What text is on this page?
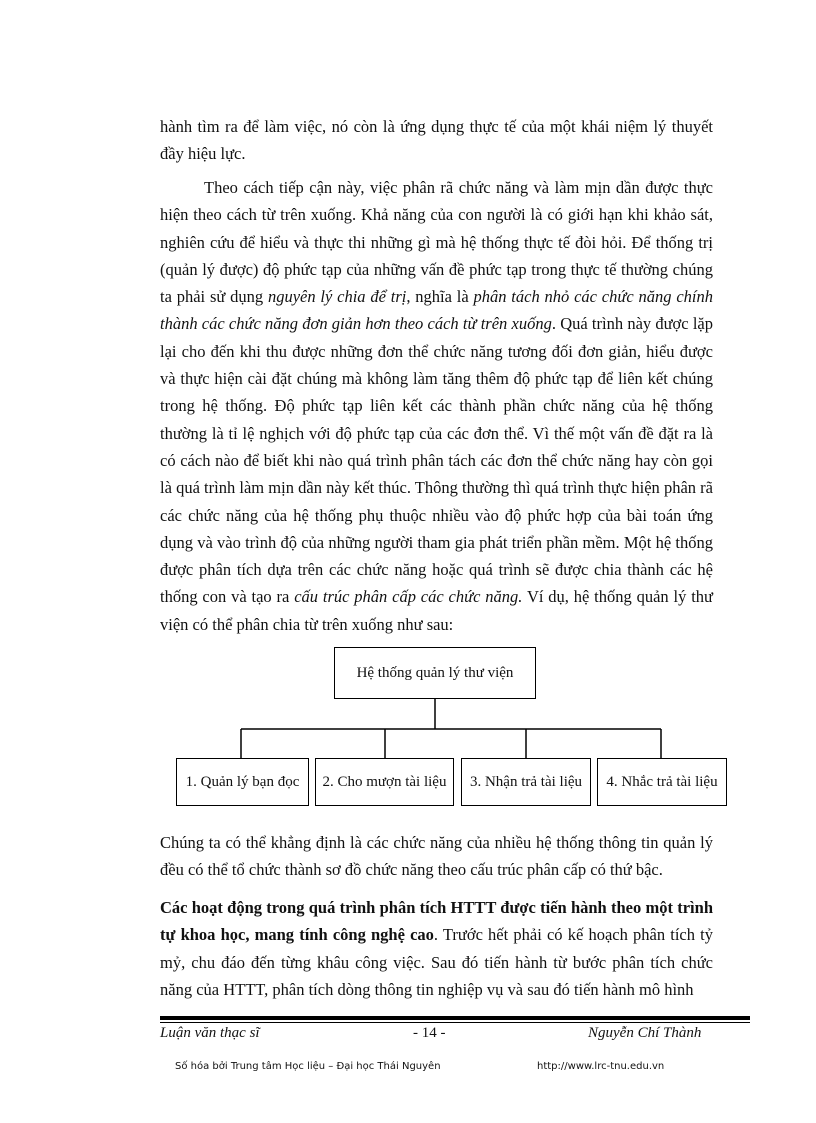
hành tìm ra để làm việc, nó còn là ứng dụng thực tế của một khái niệm lý thuyết đầy hiệu lực.

Theo cách tiếp cận này, việc phân rã chức năng và làm mịn dần được thực hiện theo cách từ trên xuống. Khả năng của con người là có giới hạn khi khảo sát, nghiên cứu để hiểu và thực thi những gì mà hệ thống thực tế đòi hỏi. Để thống trị (quản lý được) độ phức tạp của những vấn đề phức tạp trong thực tế thường chúng ta phải sử dụng nguyên lý chia để trị, nghĩa là phân tách nhỏ các chức năng chính thành các chức năng đơn giản hơn theo cách từ trên xuống. Quá trình này được lặp lại cho đến khi thu được những đơn thể chức năng tương đối đơn giản, hiểu được và thực hiện cài đặt chúng mà không làm tăng thêm độ phức tạp để liên kết chúng trong hệ thống. Độ phức tạp liên kết các thành phần chức năng của hệ thống thường là tỉ lệ nghịch với độ phức tạp của các đơn thể. Vì thế một vấn đề đặt ra là có cách nào để biết khi nào quá trình phân tách các đơn thể chức năng hay còn gọi là quá trình làm mịn dần này kết thúc. Thông thường thì quá trình thực hiện phân rã các chức năng của hệ thống phụ thuộc nhiều vào độ phức hợp của bài toán ứng dụng và vào trình độ của những người tham gia phát triển phần mềm. Một hệ thống được phân tích dựa trên các chức năng hoặc quá trình sẽ được chia thành các hệ thống con và tạo ra cấu trúc phân cấp các chức năng. Ví dụ, hệ thống quản lý thư viện có thể phân chia từ trên xuống như sau:

Hệ thống quản lý thư viện
1. Quản lý bạn đọc	2. Cho mượn tài liệu	3. Nhận trả tài liệu	4. Nhắc trả tài liệu

Chúng ta có thể khẳng định là các chức năng của nhiều hệ thống thông tin quản lý đều có thể tổ chức thành sơ đồ chức năng theo cấu trúc phân cấp có thứ bậc.

Các hoạt động trong quá trình phân tích HTTT được tiến hành theo một trình tự khoa học, mang tính công nghệ cao. Trước hết phải có kế hoạch phân tích tỷ mỷ, chu đáo đến từng khâu công việc. Sau đó tiến hành từ bước phân tích chức năng của HTTT, phân tích dòng thông tin nghiệp vụ và sau đó tiến hành mô hình

Luận văn thạc sĩ	- 14 -	Nguyễn Chí Thành
Số hóa bởi Trung tâm Học liệu – Đại học Thái Nguyên	http://www.lrc-tnu.edu.vn
